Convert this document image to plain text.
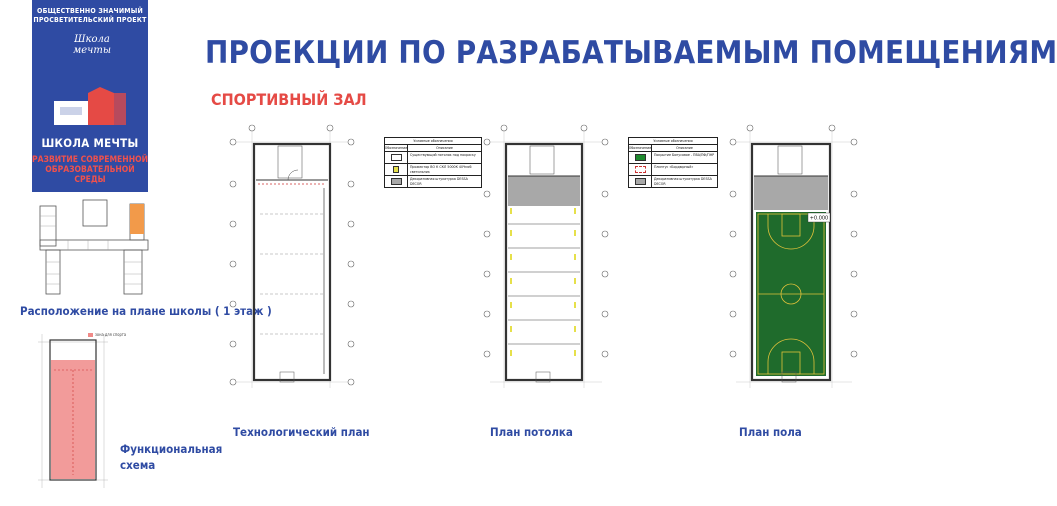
ОБЩЕСТВЕННО ЗНАЧИМЫЙ
ПРОСВЕТИТЕЛЬСКИЙ ПРОЕКТ
Школа
мечты
ШКОЛА МЕЧТЫ
РАЗВИТИЕ СОВРЕМЕННОЙ
ОБРАЗОВАТЕЛЬНОЙ СРЕДЫ
ПРОЕКЦИИ ПО РАЗРАБАТЫВАЕМЫМ ПОМЕЩЕНИЯМ
СПОРТИВНЫЙ ЗАЛ
Расположение на плане школы ( 1 этаж )
зона для спорта
Функциональная
схема
Технологический план
Условные обозначения
Обозначение	Описание
Существующий потолок под покраску
Прожектор ВО К СКЛ 5000К 40Чмсб светильник
Декоративная штукатурка DESSA DECOR
План потолка
Условные обозначения
Обозначение	Описание
Покрытие Бонусовое - ПВА/ПФ/ПНР
Плинтус «Бордюрный»
Декоративная штукатурка DESSA DECOR
+0.000
План пола
